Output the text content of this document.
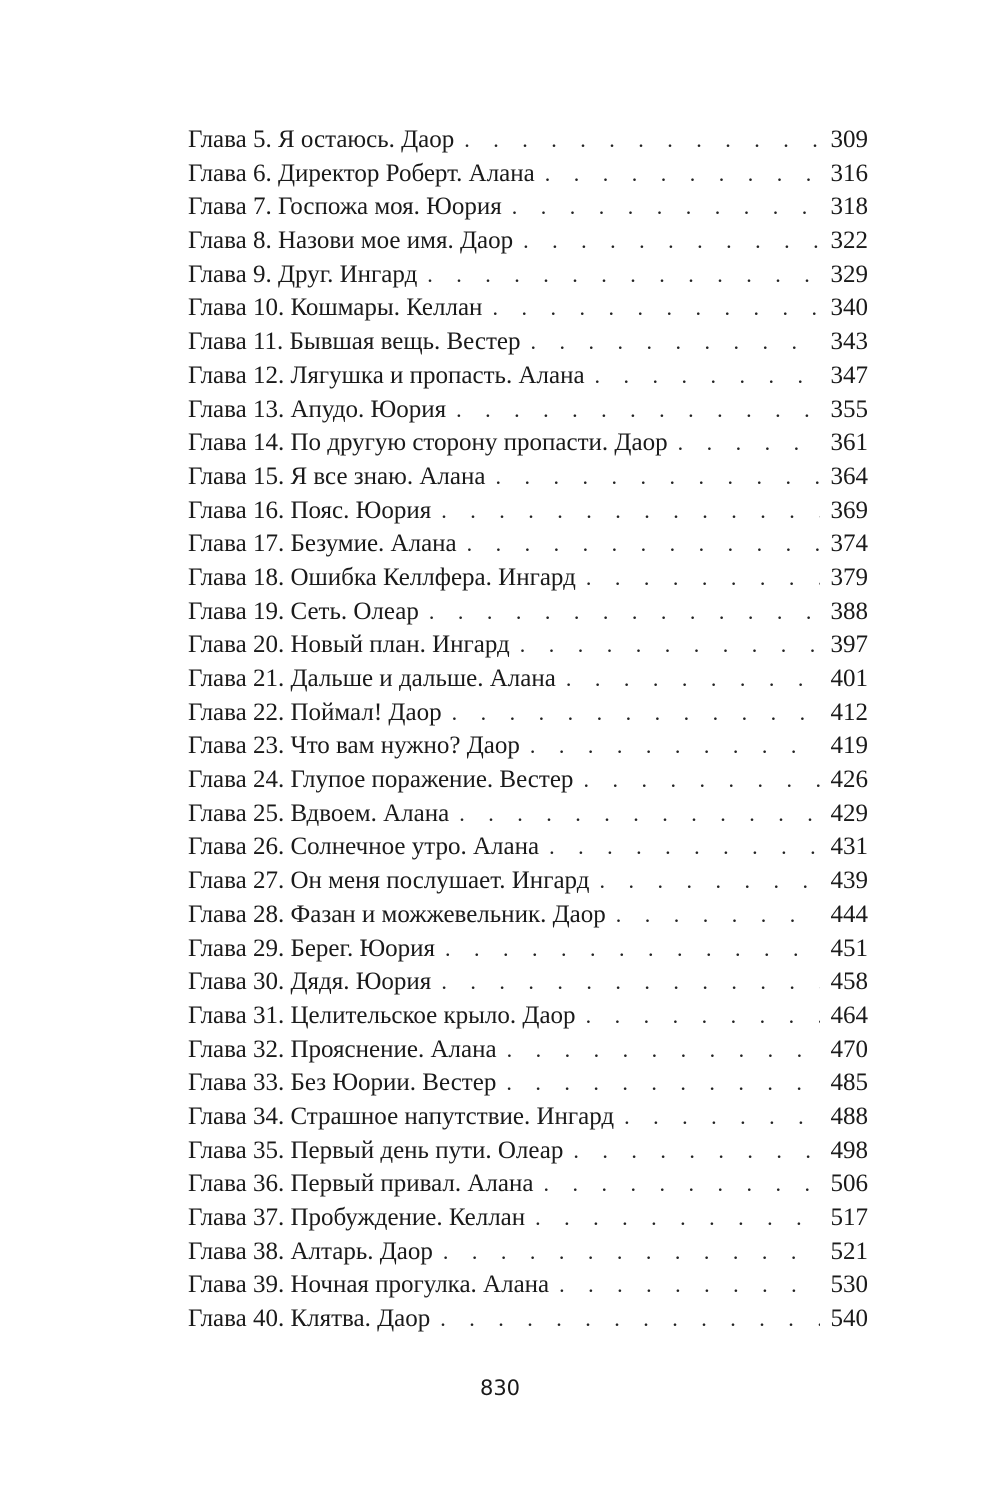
Глава 5. Я остаюсь. Даор . . .	309
Глава 6. Директор Роберт. Алана . . .	316
Глава 7. Госпожа моя. Юория . . .	318
Глава 8. Назови мое имя. Даор . . .	322
Глава 9. Друг. Ингард . . .	329
Глава 10. Кошмары. Келлан . . .	340
Глава 11. Бывшая вещь. Вестер . . .	343
Глава 12. Лягушка и пропасть. Алана . . .	347
Глава 13. Апудо. Юория . . .	355
Глава 14. По другую сторону пропасти. Даор . . .	361
Глава 15. Я все знаю. Алана . . .	364
Глава 16. Пояс. Юория . . .	369
Глава 17. Безумие. Алана . . .	374
Глава 18. Ошибка Келлфера. Ингард . . .	379
Глава 19. Сеть. Олеар . . .	388
Глава 20. Новый план. Ингард . . .	397
Глава 21. Дальше и дальше. Алана . . .	401
Глава 22. Поймал! Даор . . .	412
Глава 23. Что вам нужно? Даор . . .	419
Глава 24. Глупое поражение. Вестер . . .	426
Глава 25. Вдвоем. Алана . . .	429
Глава 26. Солнечное утро. Алана . . .	431
Глава 27. Он меня послушает. Ингард . . .	439
Глава 28. Фазан и можжевельник. Даор . . .	444
Глава 29. Берег. Юория . . .	451
Глава 30. Дядя. Юория . . .	458
Глава 31. Целительское крыло. Даор . . .	464
Глава 32. Прояснение. Алана . . .	470
Глава 33. Без Юории. Вестер . . .	485
Глава 34. Страшное напутствие. Ингард . . .	488
Глава 35. Первый день пути. Олеар . . .	498
Глава 36. Первый привал. Алана . . .	506
Глава 37. Пробуждение. Келлан . . .	517
Глава 38. Алтарь. Даор . . .	521
Глава 39. Ночная прогулка. Алана . . .	530
Глава 40. Клятва. Даор . . .	540
830
